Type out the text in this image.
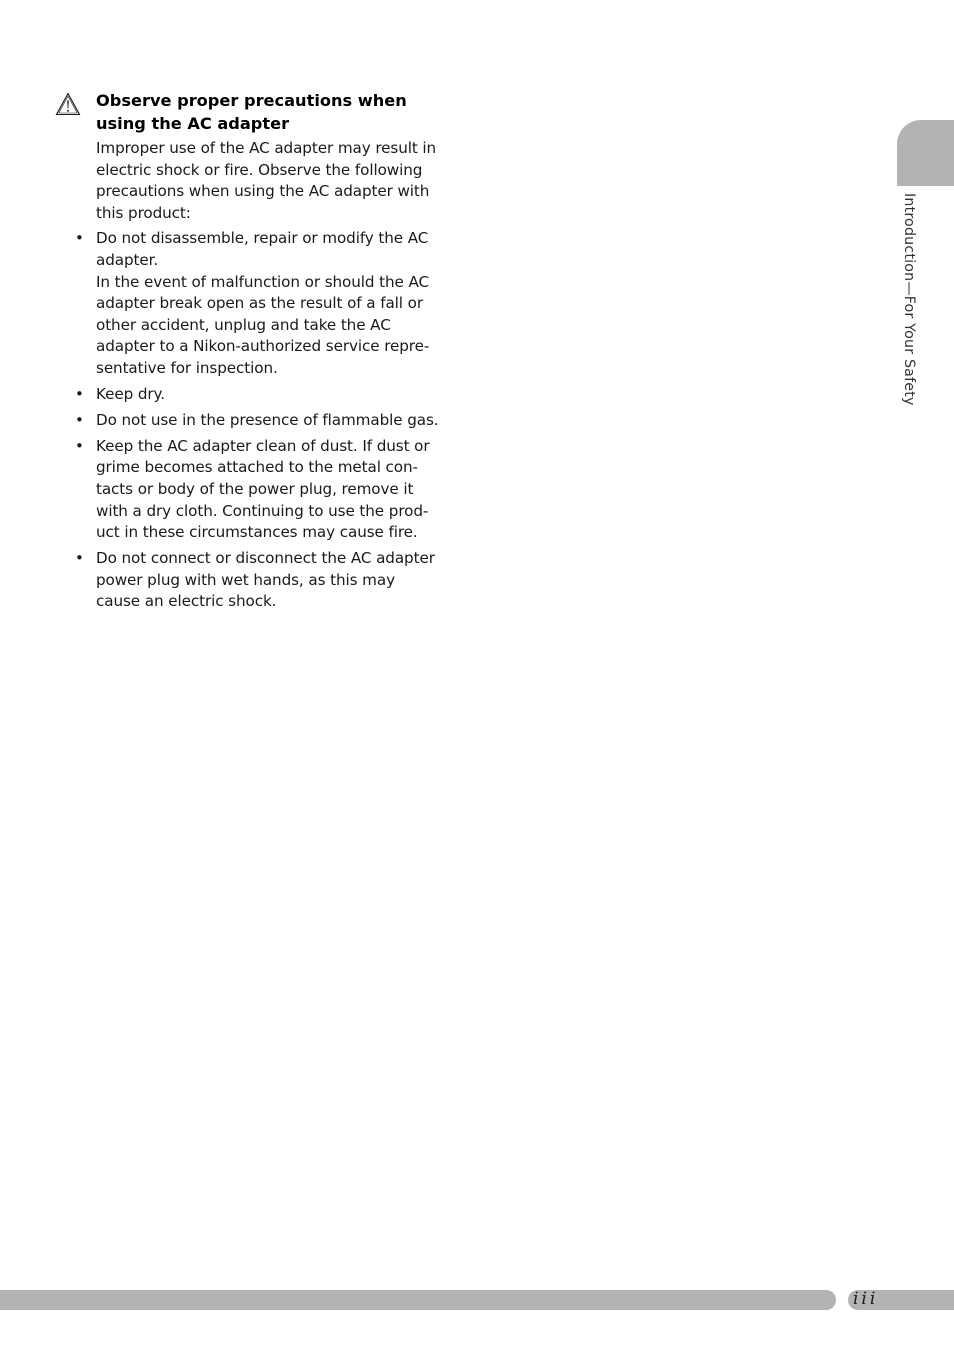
Observe proper precautions when
using the AC adapter

Improper use of the AC adapter may result in
electric shock or fire. Observe the following
precautions when using the AC adapter with
this product:

• Do not disassemble, repair or modify the AC
adapter.
In the event of malfunction or should the AC
adapter break open as the result of a fall or
other accident, unplug and take the AC
adapter to a Nikon-authorized service repre-
sentative for inspection.
• Keep dry.
• Do not use in the presence of flammable gas.
• Keep the AC adapter clean of dust. If dust or
grime becomes attached to the metal con-
tacts or body of the power plug, remove it
with a dry cloth. Continuing to use the prod-
uct in these circumstances may cause fire.
• Do not connect or disconnect the AC adapter
power plug with wet hands, as this may
cause an electric shock.
Introduction—For Your Safety
iii
